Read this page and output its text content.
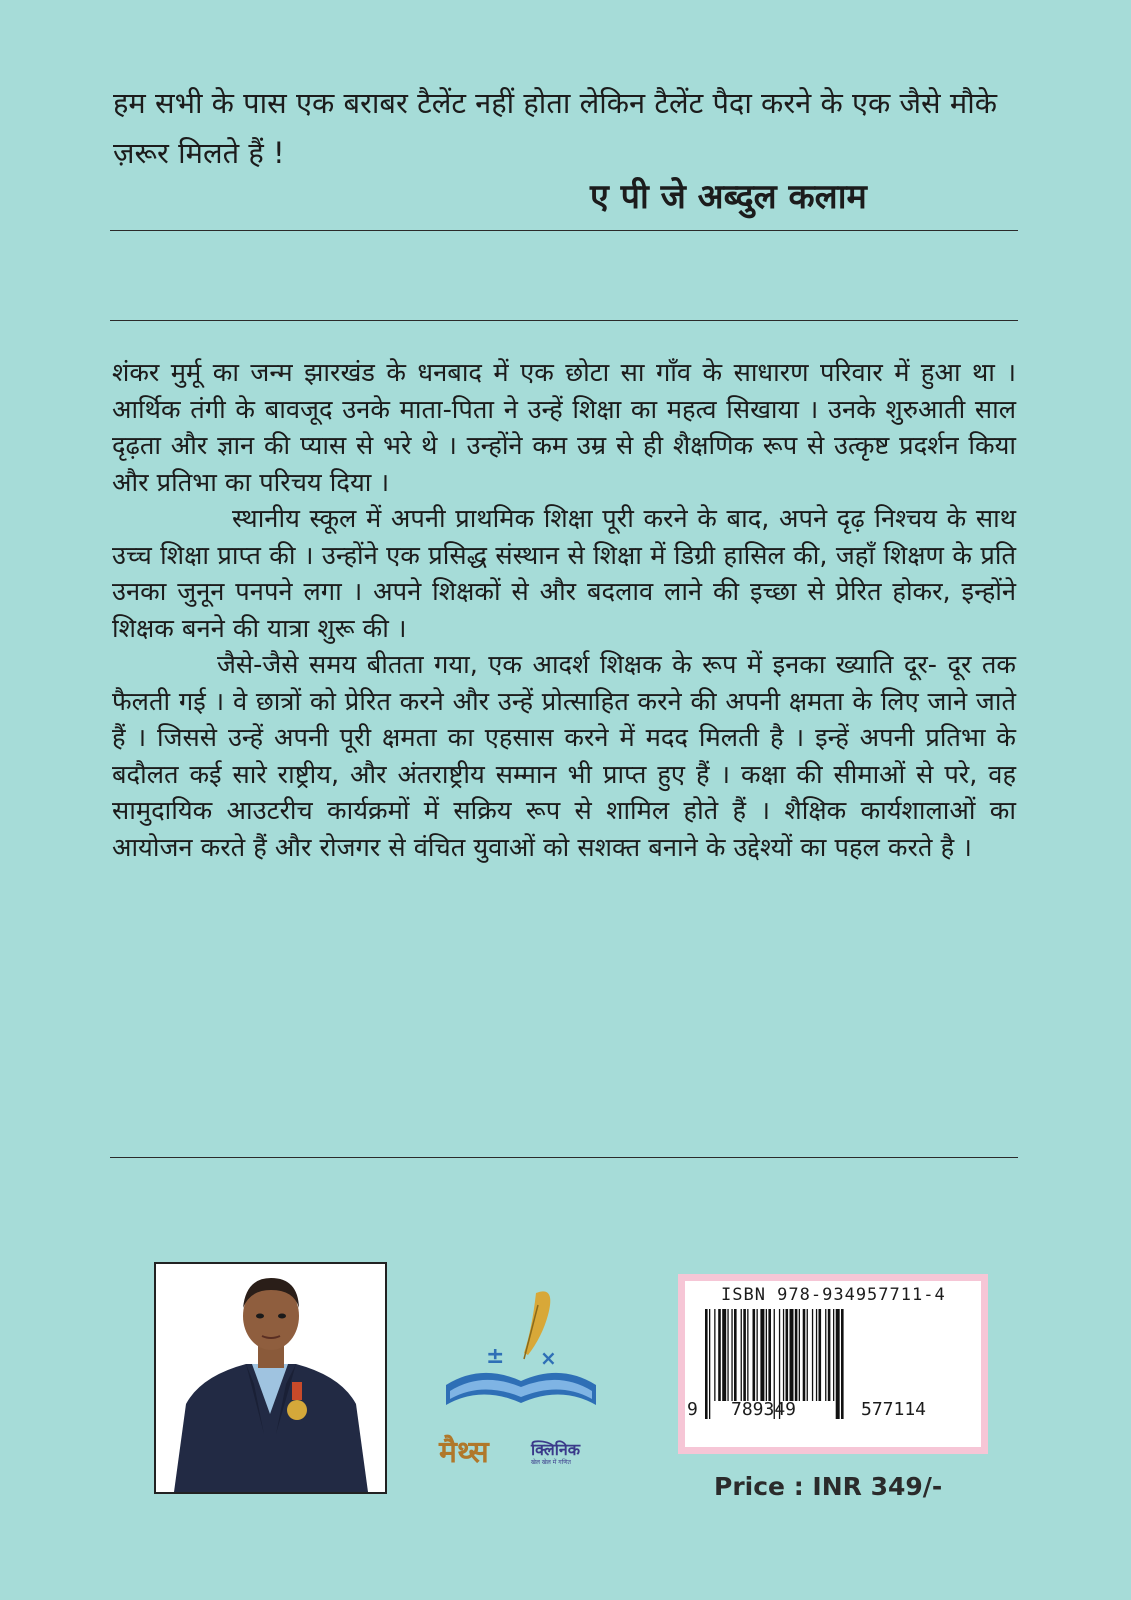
हम सभी के पास एक बराबर टैलेंट नहीं होता लेकिन टैलेंट पैदा करने के एक जैसे मौके ज़रूर मिलते हैं !

ए पी जे अब्दुल कलाम

शंकर मुर्मू का जन्म झारखंड के धनबाद में एक छोटा सा गाँव के साधारण परिवार में हुआ था । आर्थिक तंगी के बावजूद उनके माता-पिता ने उन्हें शिक्षा का महत्व सिखाया । उनके शुरुआती साल दृढ़ता और ज्ञान की प्यास से भरे थे । उन्होंने कम उम्र से ही शैक्षणिक रूप से उत्कृष्ट प्रदर्शन किया और प्रतिभा का परिचय दिया ।

स्थानीय स्कूल में अपनी प्राथमिक शिक्षा पूरी करने के बाद, अपने दृढ़ निश्चय के साथ उच्च शिक्षा प्राप्त की । उन्होंने एक प्रसिद्ध संस्थान से शिक्षा में डिग्री हासिल की, जहाँ शिक्षण के प्रति उनका जुनून पनपने लगा । अपने शिक्षकों से और बदलाव लाने की इच्छा से प्रेरित होकर, इन्होंने शिक्षक बनने की यात्रा शुरू की ।

जैसे-जैसे समय बीतता गया, एक आदर्श शिक्षक के रूप में इनका ख्याति दूर- दूर तक फैलती गई । वे छात्रों को प्रेरित करने और उन्हें प्रोत्साहित करने की अपनी क्षमता के लिए जाने जाते हैं । जिससे उन्हें अपनी पूरी क्षमता का एहसास करने में मदद मिलती है । इन्हें अपनी प्रतिभा के बदौलत कई सारे राष्ट्रीय, और अंतराष्ट्रीय सम्मान भी प्राप्त हुए हैं । कक्षा की सीमाओं से परे, वह सामुदायिक आउटरीच कार्यक्रमों में सक्रिय रूप से शामिल होते हैं । शैक्षिक कार्यशालाओं का आयोजन करते हैं और रोजगर से वंचित युवाओं को सशक्त बनाने के उद्देश्यों का पहल करते है ।

± ×

मैथ्स	क्लिनिक

खेल खेल में गणित

ISBN 978-934957711-4
9 789349	577114

Price : INR 349/-
